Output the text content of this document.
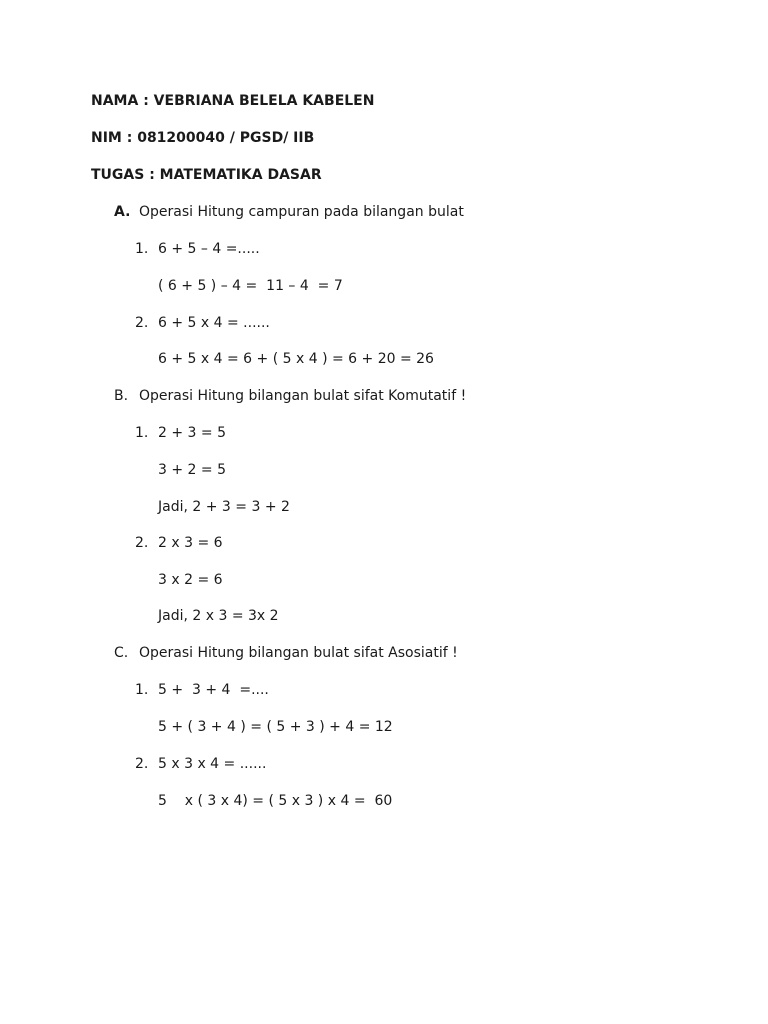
NAMA : VEBRIANA BELELA KABELEN
NIM : 081200040 / PGSD/ IIB
TUGAS : MATEMATIKA DASAR
A. Operasi Hitung campuran pada bilangan bulat
1. 6 + 5 – 4 =.....
( 6 + 5 ) – 4 =  11 – 4  = 7
2. 6 + 5 x 4 = ......
6 + 5 x 4 = 6 + ( 5 x 4 ) = 6 + 20 = 26
B. Operasi Hitung bilangan bulat sifat Komutatif !
1. 2 + 3 = 5
3 + 2 = 5
Jadi, 2 + 3 = 3 + 2
2. 2 x 3 = 6
3 x 2 = 6
Jadi, 2 x 3 = 3x 2
C. Operasi Hitung bilangan bulat sifat Asosiatif !
1. 5 +  3 + 4  =....
5 + ( 3 + 4 ) = ( 5 + 3 ) + 4 = 12
2. 5 x 3 x 4 = ......
5    x ( 3 x 4) = ( 5 x 3 ) x 4 =  60
